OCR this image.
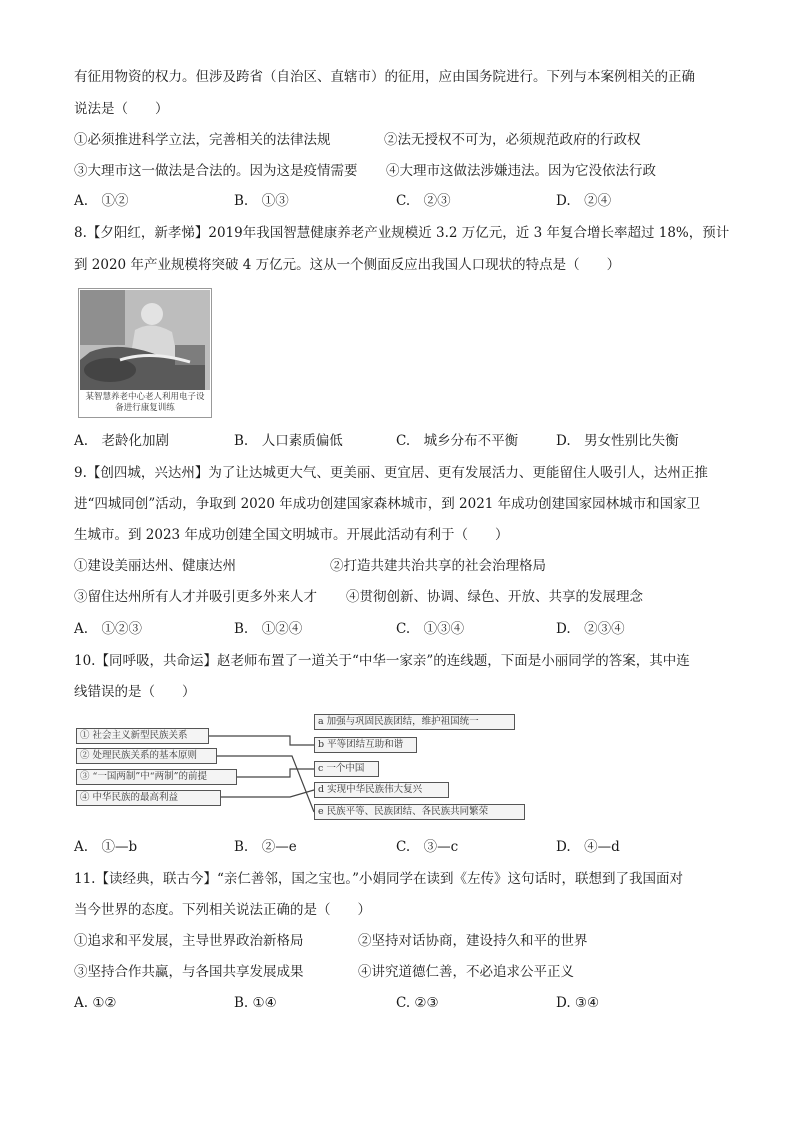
有征用物资的权力。但涉及跨省（自治区、直辖市）的征用，应由国务院进行。下列与本案例相关的正确
说法是（　　）
①必须推进科学立法，完善相关的法律法规	②法无授权不可为，必须规范政府的行政权
③大理市这一做法是合法的。因为这是疫情需要 ④大理市这做法涉嫌违法。因为它没依法行政
A.　①②	B.　①③	C.　②③	D.　②④
8.【夕阳红，新孝悌】2019年我国智慧健康养老产业规模近 3.2 万亿元，近 3 年复合增长率超过 18%，预计
到 2020 年产业规模将突破 4 万亿元。这从一个侧面反应出我国人口现状的特点是（　　）
某智慧养老中心老人利用电子设备进行康复训练
A.　老龄化加剧	B.　人口素质偏低	C.　城乡分布不平衡	D.　男女性别比失衡
9.【创四城，兴达州】为了让达城更大气、更美丽、更宜居、更有发展活力、更能留住人吸引人，达州正推
进“四城同创”活动，争取到 2020 年成功创建国家森林城市，到 2021 年成功创建国家园林城市和国家卫
生城市。到 2023 年成功创建全国文明城市。开展此活动有利于（　　）
①建设美丽达州、健康达州	②打造共建共治共享的社会治理格局
③留住达州所有人才并吸引更多外来人才 ④贯彻创新、协调、绿色、开放、共享的发展理念
A.　①②③	B.　①②④	C.　①③④	D.　②③④
10.【同呼吸，共命运】赵老师布置了一道关于“中华一家亲”的连线题，下面是小丽同学的答案，其中连
线错误的是（　　）
① 社会主义新型民族关系
② 处理民族关系的基本原则
③ “一国两制”中“两制”的前提
④ 中华民族的最高利益
a 加强与巩固民族团结，维护祖国统一
b 平等团结互助和谐
c 一个中国
d 实现中华民族伟大复兴
e 民族平等、民族团结、各民族共同繁荣
A.　①—b	B.　②—e	C.　③—c	D.　④—d
11.【读经典，联古今】“亲仁善邻，国之宝也。”小娟同学在读到《左传》这句话时，联想到了我国面对
当今世界的态度。下列相关说法正确的是（　　）
①追求和平发展，主导世界政治新格局	②坚持对话协商，建设持久和平的世界
③坚持合作共赢，与各国共享发展成果	④讲究道德仁善，不必追求公平正义
A. ①②	B. ①④	C. ②③	D. ③④
